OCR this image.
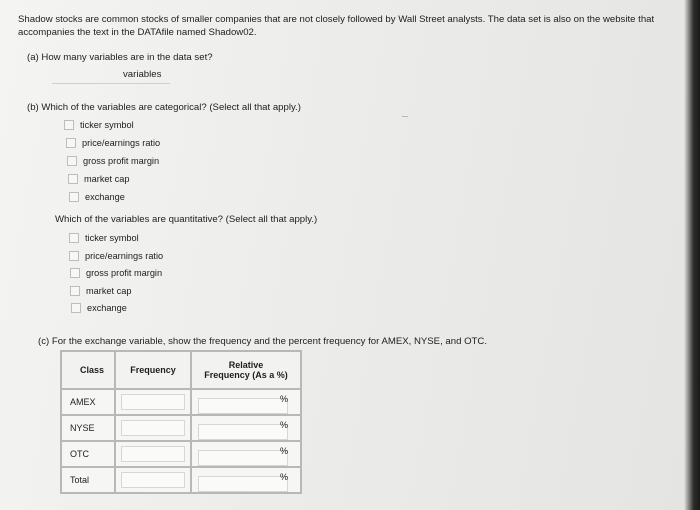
Shadow stocks are common stocks of smaller companies that are not closely followed by Wall Street analysts. The data set is also on the website that accompanies the text in the DATAfile named Shadow02.
(a) How many variables are in the data set?
variables
(b) Which of the variables are categorical? (Select all that apply.)
ticker symbol
price/earnings ratio
gross profit margin
market cap
exchange
Which of the variables are quantitative? (Select all that apply.)
ticker symbol
price/earnings ratio
gross profit margin
market cap
exchange
(c) For the exchange variable, show the frequency and the percent frequency for AMEX, NYSE, and OTC.
Class	Frequency	Relative
Frequency (As a %)

AMEX		%

NYSE		%

OTC		%

Total		%
